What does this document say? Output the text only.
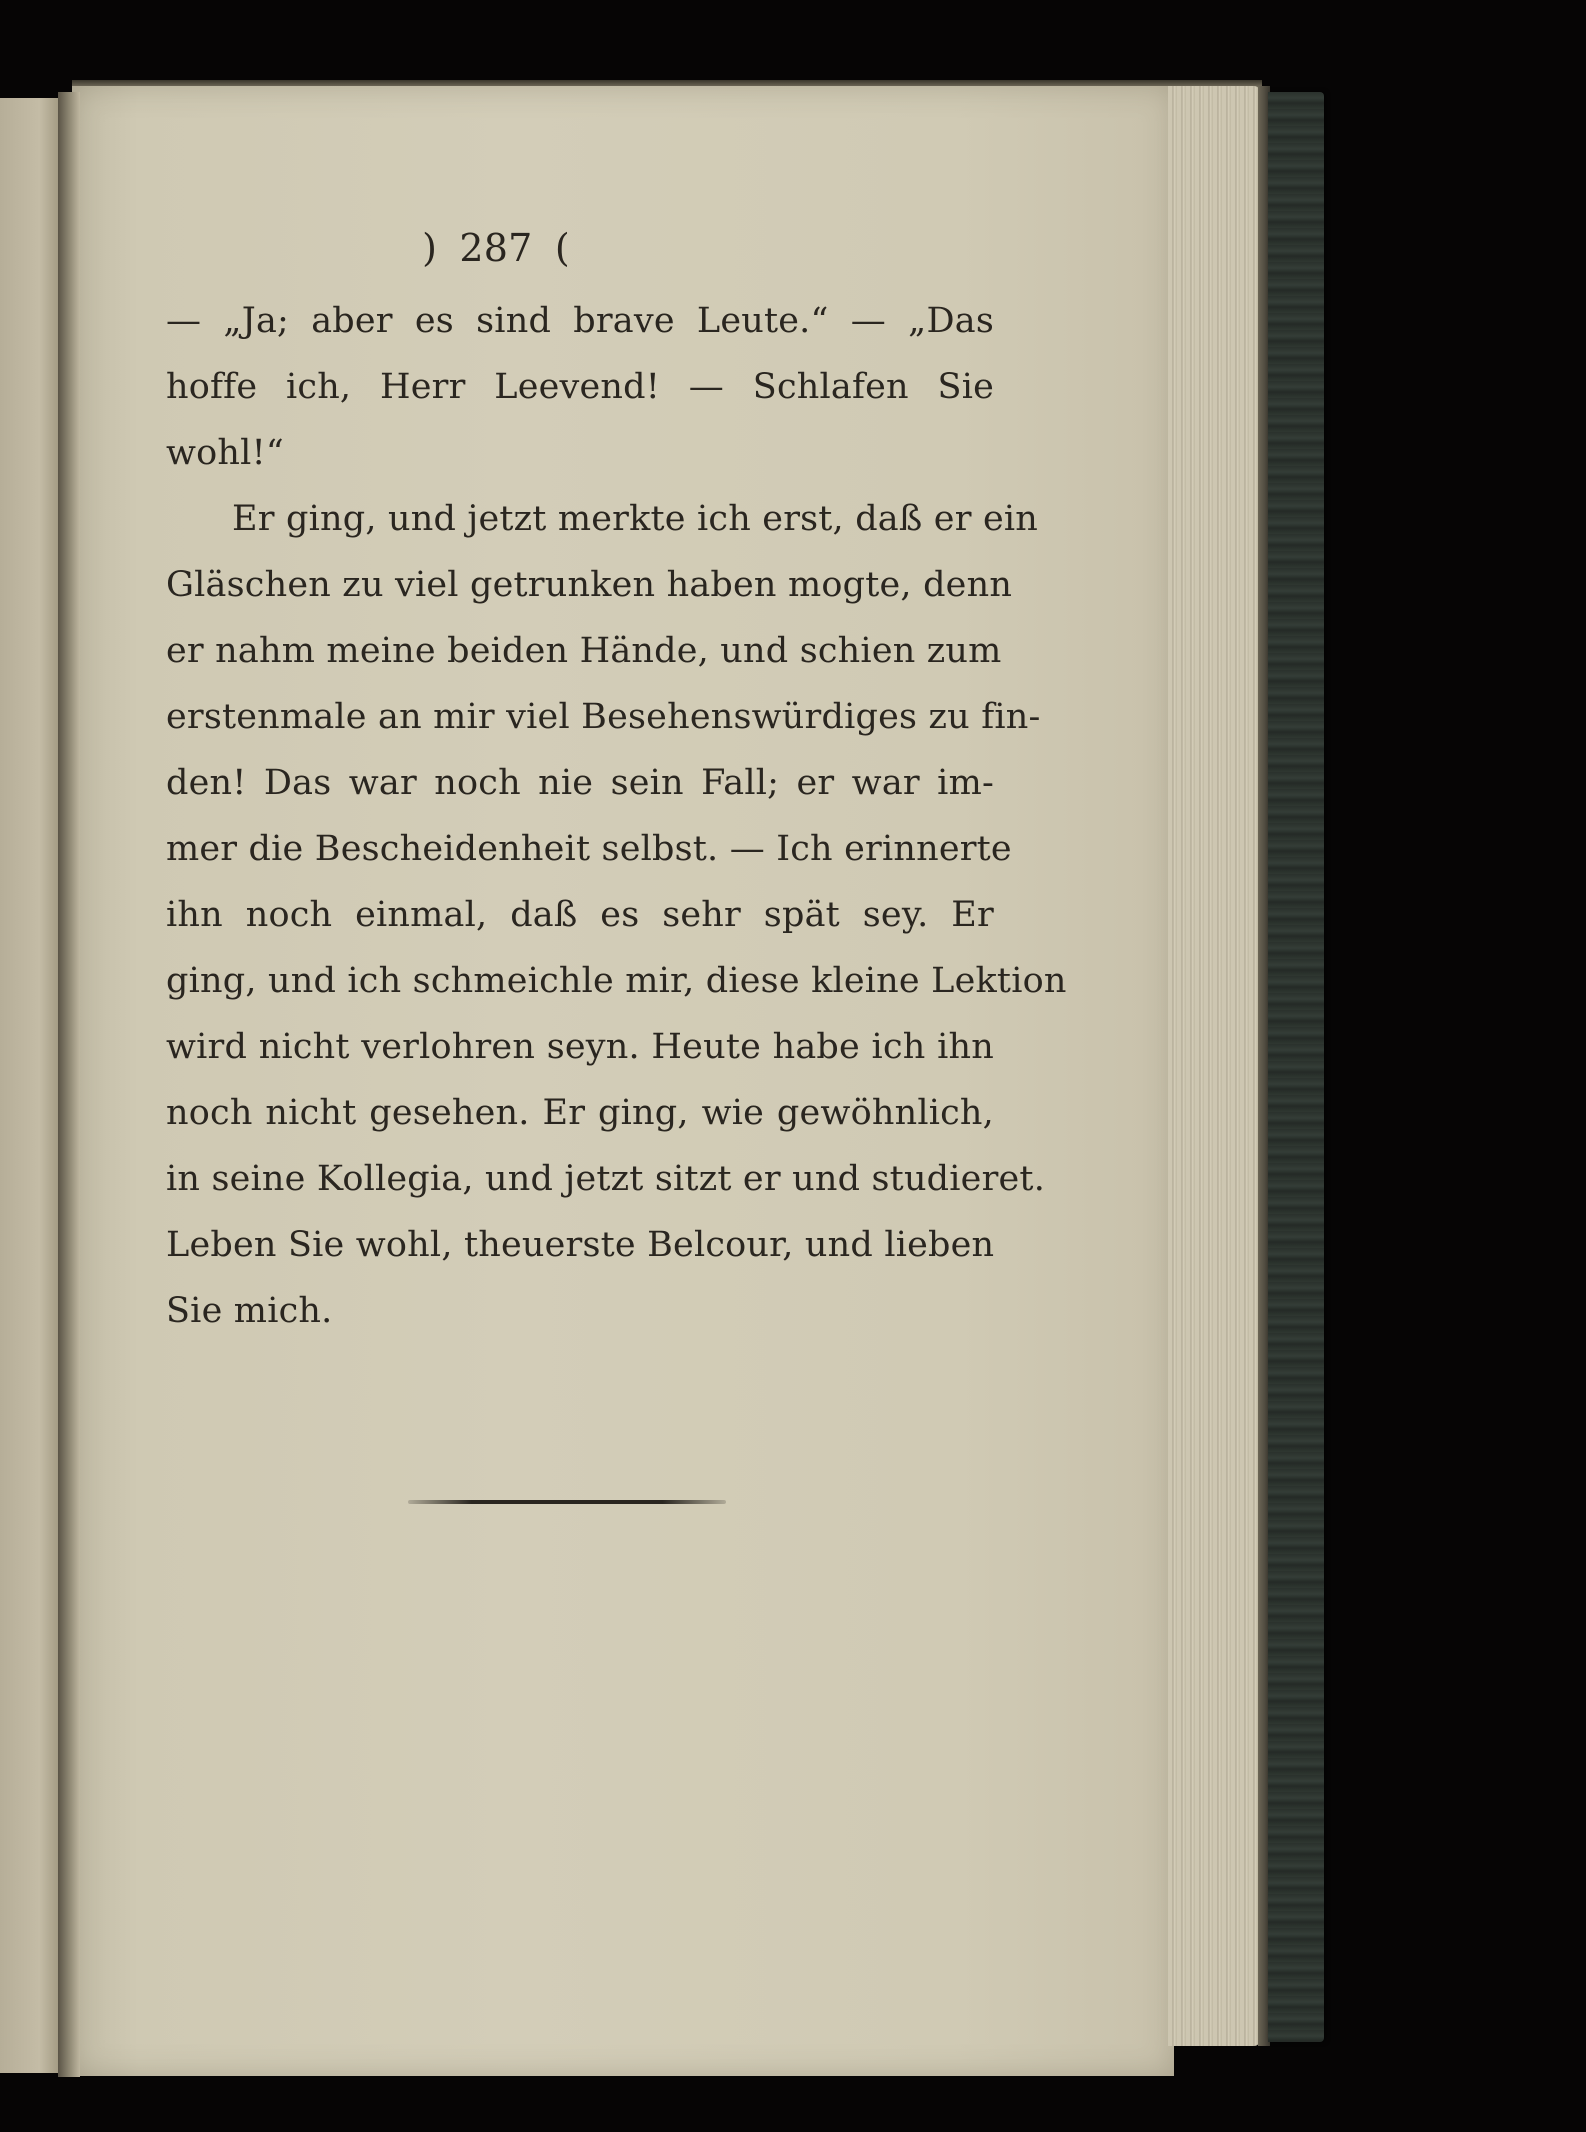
) 287 (
— „Ja; aber es sind brave Leute.“ — „Das
hoffe ich, Herr Leevend! — Schlafen Sie
wohl!“
Er ging, und jetzt merkte ich erst, daß er ein
Gläschen zu viel getrunken haben mogte, denn
er nahm meine beiden Hände, und schien zum
erstenmale an mir viel Besehenswürdiges zu fin-
den! Das war noch nie sein Fall; er war im-
mer die Bescheidenheit selbst. — Ich erinnerte
ihn noch einmal, daß es sehr spät sey. Er
ging, und ich schmeichle mir, diese kleine Lektion
wird nicht verlohren seyn. Heute habe ich ihn
noch nicht gesehen. Er ging, wie gewöhnlich,
in seine Kollegia, und jetzt sitzt er und studieret.
Leben Sie wohl, theuerste Belcour, und lieben
Sie mich.
